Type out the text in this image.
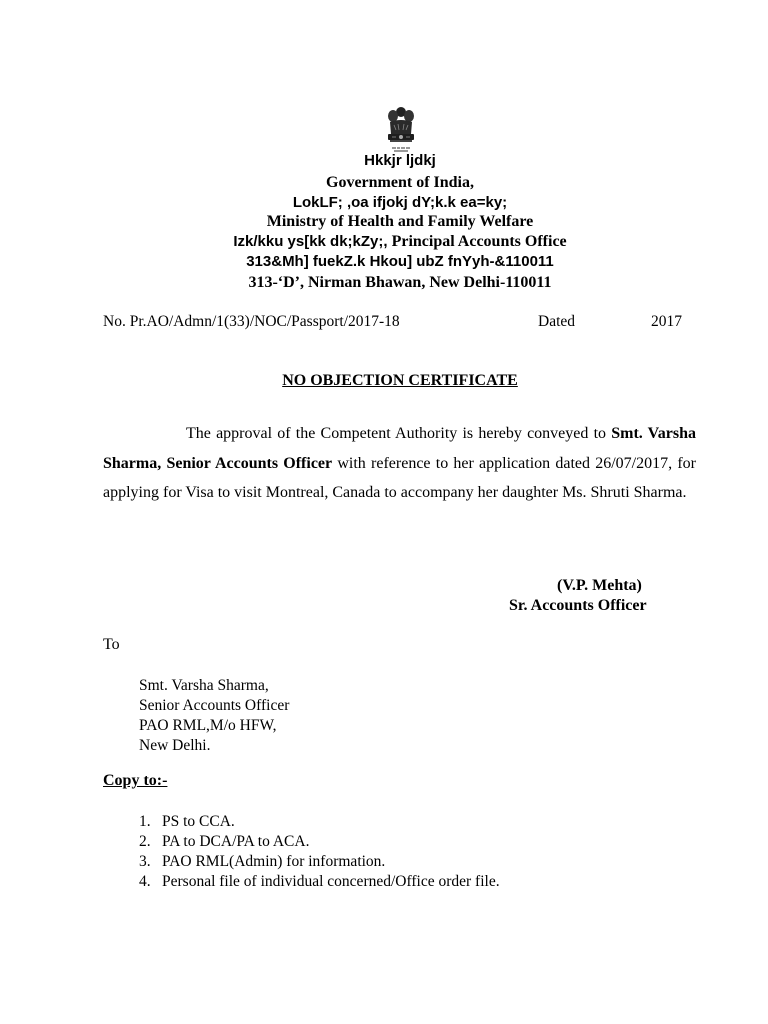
Hkkjr ljdkj
Government of India,
LokLF; ,oa ifjokj dY;k.k ea=ky;
Ministry of Health and Family Welfare
Izk/kku ys[kk dk;kZy;, Principal Accounts Office
313&Mh] fuekZ.k Hkou] ubZ fnYyh-&110011
313-‘D’, Nirman Bhawan, New Delhi-110011
No. Pr.AO/Admn/1(33)/NOC/Passport/2017-18	Dated	2017
NO OBJECTION CERTIFICATE
The approval of the Competent Authority is hereby conveyed to Smt. Varsha Sharma, Senior Accounts Officer with reference to her application dated 26/07/2017, for applying for Visa to visit Montreal, Canada to accompany her daughter Ms. Shruti Sharma.
(V.P. Mehta)
Sr. Accounts Officer
To
Smt. Varsha Sharma,
Senior Accounts Officer
PAO RML,M/o HFW,
New Delhi.
Copy to:-
1. PS to CCA.
2. PA to DCA/PA to ACA.
3. PAO RML(Admin) for information.
4. Personal file of individual concerned/Office order file.
